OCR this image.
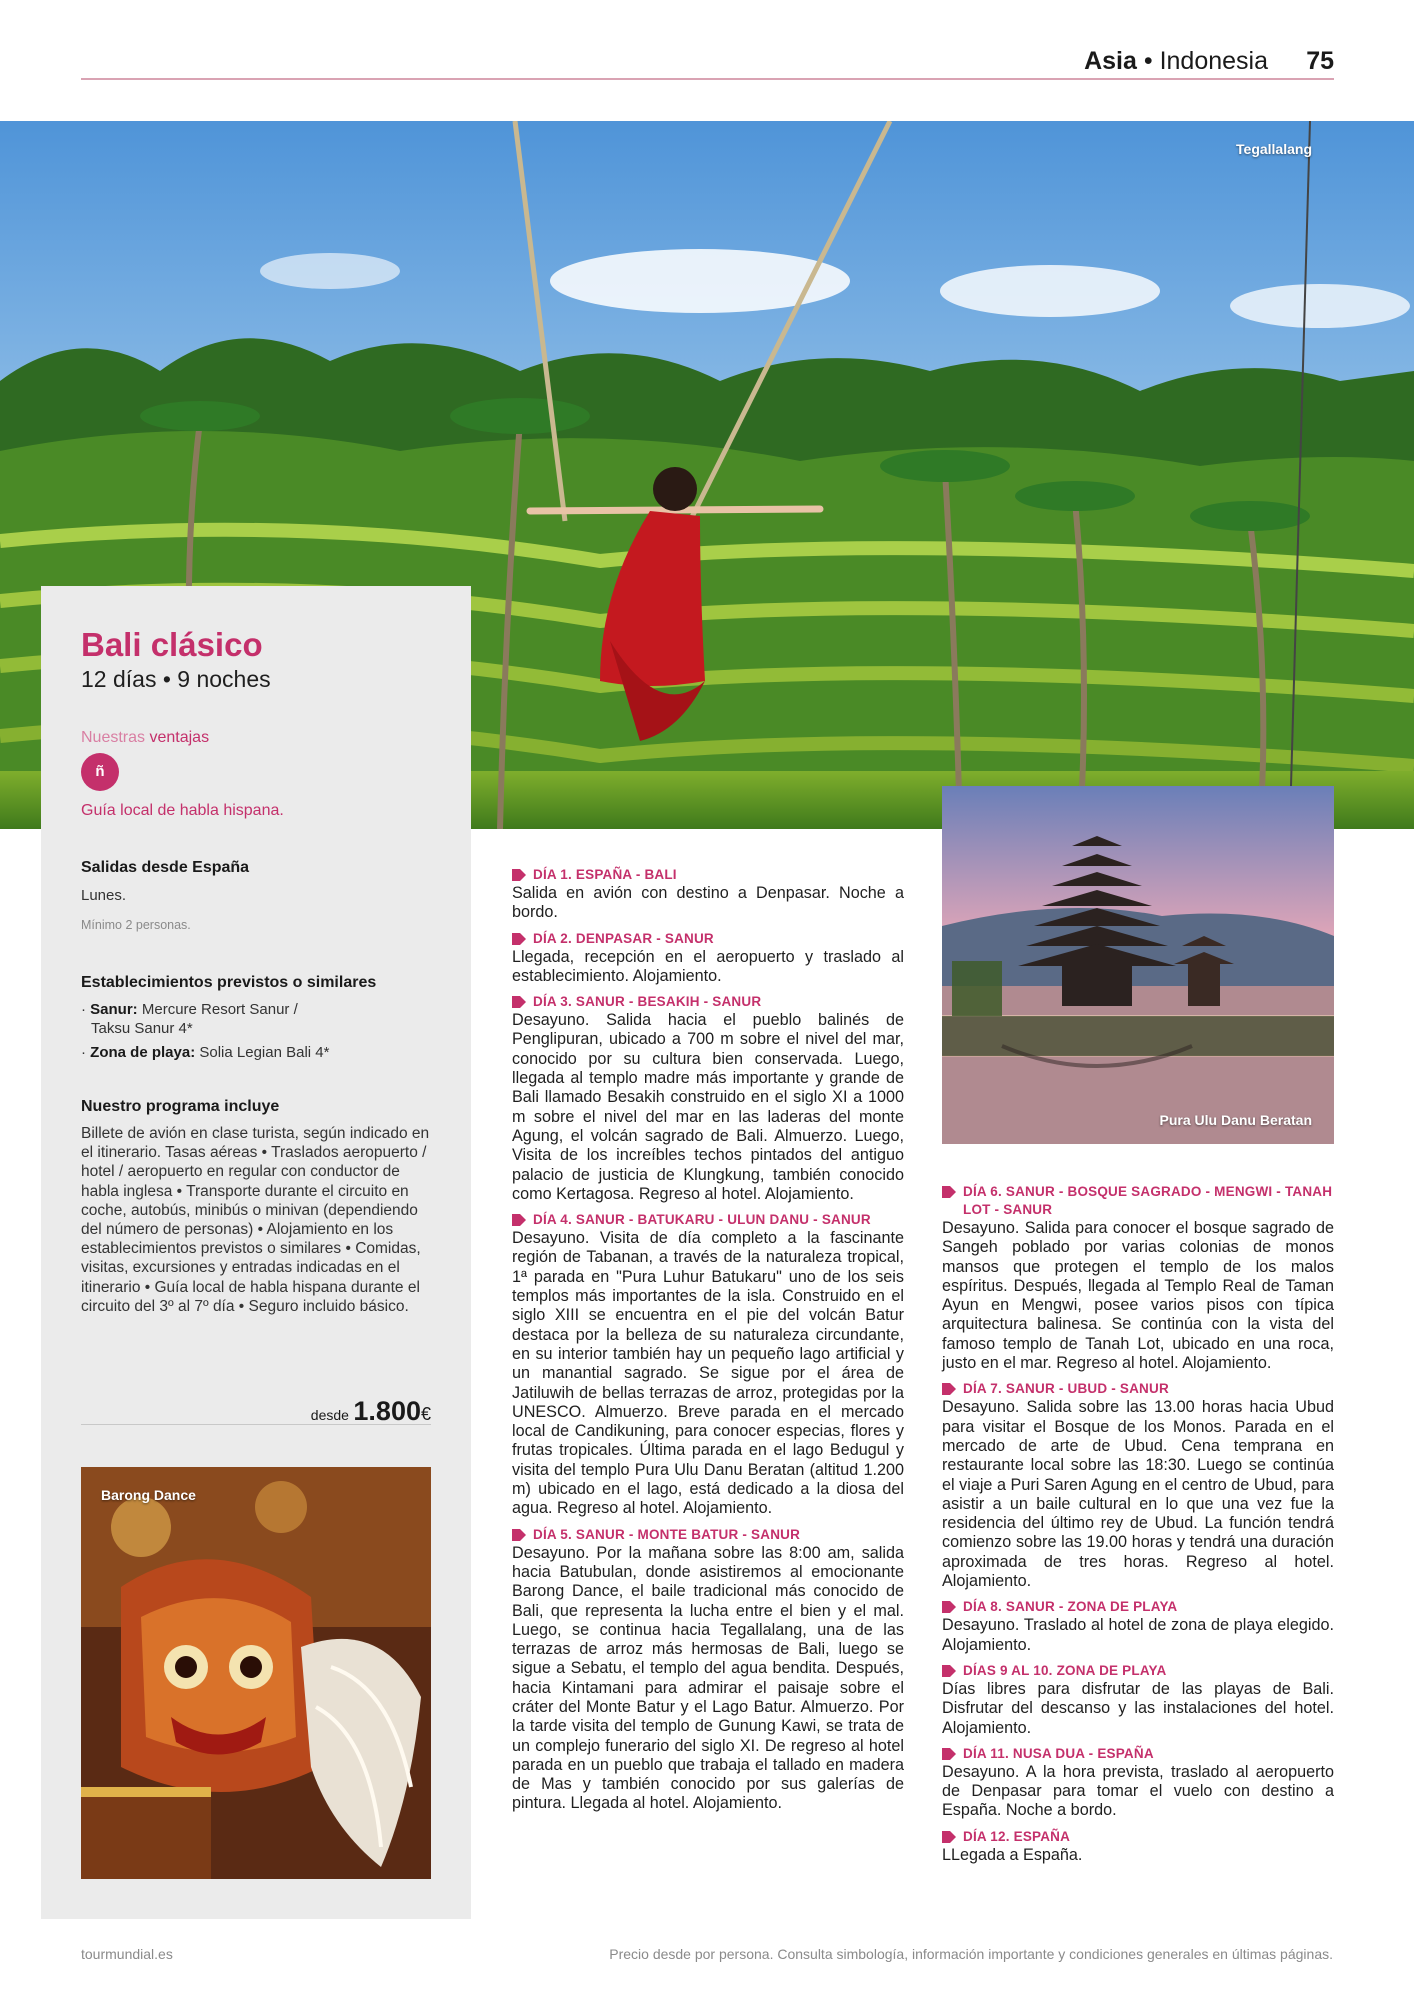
Asia • Indonesia 75
Tegallalang
Bali clásico
12 días • 9 noches
Nuestras ventajas
ñ
Guía local de habla hispana.
Salidas desde España
Lunes.
Mínimo 2 personas.
Establecimientos previstos o similares
· Sanur: Mercure Resort Sanur /
Taksu Sanur 4*
· Zona de playa: Solia Legian Bali 4*
Nuestro programa incluye
Billete de avión en clase turista, según indicado en el itinerario. Tasas aéreas • Traslados aeropuerto / hotel / aeropuerto en regular con conductor de habla inglesa • Transporte durante el circuito en coche, autobús, minibús o minivan (dependiendo del número de personas) • Alojamiento en los establecimientos previstos o similares • Comidas, visitas, excursiones y entradas indicadas en el itinerario • Guía local de habla hispana durante el circuito del 3º al 7º día • Seguro incluido básico.
desde 1.800€
Barong Dance
Pura Ulu Danu Beratan
DÍA 1. ESPAÑA - BALI
Salida en avión con destino a Denpasar. Noche a bordo.
DÍA 2. DENPASAR - SANUR
Llegada, recepción en el aeropuerto y traslado al establecimiento. Alojamiento.
DÍA 3. SANUR - BESAKIH - SANUR
Desayuno. Salida hacia el pueblo balinés de Penglipuran, ubicado a 700 m sobre el nivel del mar, conocido por su cultura bien conservada. Luego, llegada al templo madre más importante y grande de Bali llamado Besakih construido en el siglo XI a 1000 m sobre el nivel del mar en las laderas del monte Agung, el volcán sagrado de Bali. Almuerzo. Luego, Visita de los increíbles techos pintados del antiguo palacio de justicia de Klungkung, también conocido como Kertagosa. Regreso al hotel. Alojamiento.
DÍA 4. SANUR - BATUKARU - ULUN DANU - SANUR
Desayuno. Visita de día completo a la fascinante región de Tabanan, a través de la naturaleza tropical, 1ª parada en "Pura Luhur Batukaru" uno de los seis templos más importantes de la isla. Construido en el siglo XIII se encuentra en el pie del volcán Batur destaca por la belleza de su naturaleza circundante, en su interior también hay un pequeño lago artificial y un manantial sagrado. Se sigue por el área de Jatiluwih de bellas terrazas de arroz, protegidas por la UNESCO. Almuerzo. Breve parada en el mercado local de Candikuning, para conocer especias, flores y frutas tropicales. Última parada en el lago Bedugul y visita del templo Pura Ulu Danu Beratan (altitud 1.200 m) ubicado en el lago, está dedicado a la diosa del agua. Regreso al hotel. Alojamiento.
DÍA 5. SANUR - MONTE BATUR - SANUR
Desayuno. Por la mañana sobre las 8:00 am, salida hacia Batubulan, donde asistiremos al emocionante Barong Dance, el baile tradicional más conocido de Bali, que representa la lucha entre el bien y el mal. Luego, se continua hacia Tegallalang, una de las terrazas de arroz más hermosas de Bali, luego se sigue a Sebatu, el templo del agua bendita. Después, hacia Kintamani para admirar el paisaje sobre el cráter del Monte Batur y el Lago Batur. Almuerzo. Por la tarde visita del templo de Gunung Kawi, se trata de un complejo funerario del siglo XI. De regreso al hotel parada en un pueblo que trabaja el tallado en madera de Mas y también conocido por sus galerías de pintura. Llegada al hotel. Alojamiento.
DÍA 6. SANUR - BOSQUE SAGRADO - MENGWI - TANAH LOT - SANUR
Desayuno. Salida para conocer el bosque sagrado de Sangeh poblado por varias colonias de monos mansos que protegen el templo de los malos espíritus. Después, llegada al Templo Real de Taman Ayun en Mengwi, posee varios pisos con típica arquitectura balinesa. Se continúa con la vista del famoso templo de Tanah Lot, ubicado en una roca, justo en el mar. Regreso al hotel. Alojamiento.
DÍA 7. SANUR - UBUD - SANUR
Desayuno. Salida sobre las 13.00 horas hacia Ubud para visitar el Bosque de los Monos. Parada en el mercado de arte de Ubud. Cena temprana en restaurante local sobre las 18:30. Luego se continúa el viaje a Puri Saren Agung en el centro de Ubud, para asistir a un baile cultural en lo que una vez fue la residencia del último rey de Ubud. La función tendrá comienzo sobre las 19.00 horas y tendrá una duración aproximada de tres horas. Regreso al hotel. Alojamiento.
DÍA 8. SANUR - ZONA DE PLAYA
Desayuno. Traslado al hotel de zona de playa elegido. Alojamiento.
DÍAS 9 AL 10. ZONA DE PLAYA
Días libres para disfrutar de las playas de Bali. Disfrutar del descanso y las instalaciones del hotel. Alojamiento.
DÍA 11. NUSA DUA - ESPAÑA
Desayuno. A la hora prevista, traslado al aeropuerto de Denpasar para tomar el vuelo con destino a España. Noche a bordo.
DÍA 12. ESPAÑA
LLegada a España.
tourmundial.es	Precio desde por persona. Consulta simbología, información importante y condiciones generales en últimas páginas.
